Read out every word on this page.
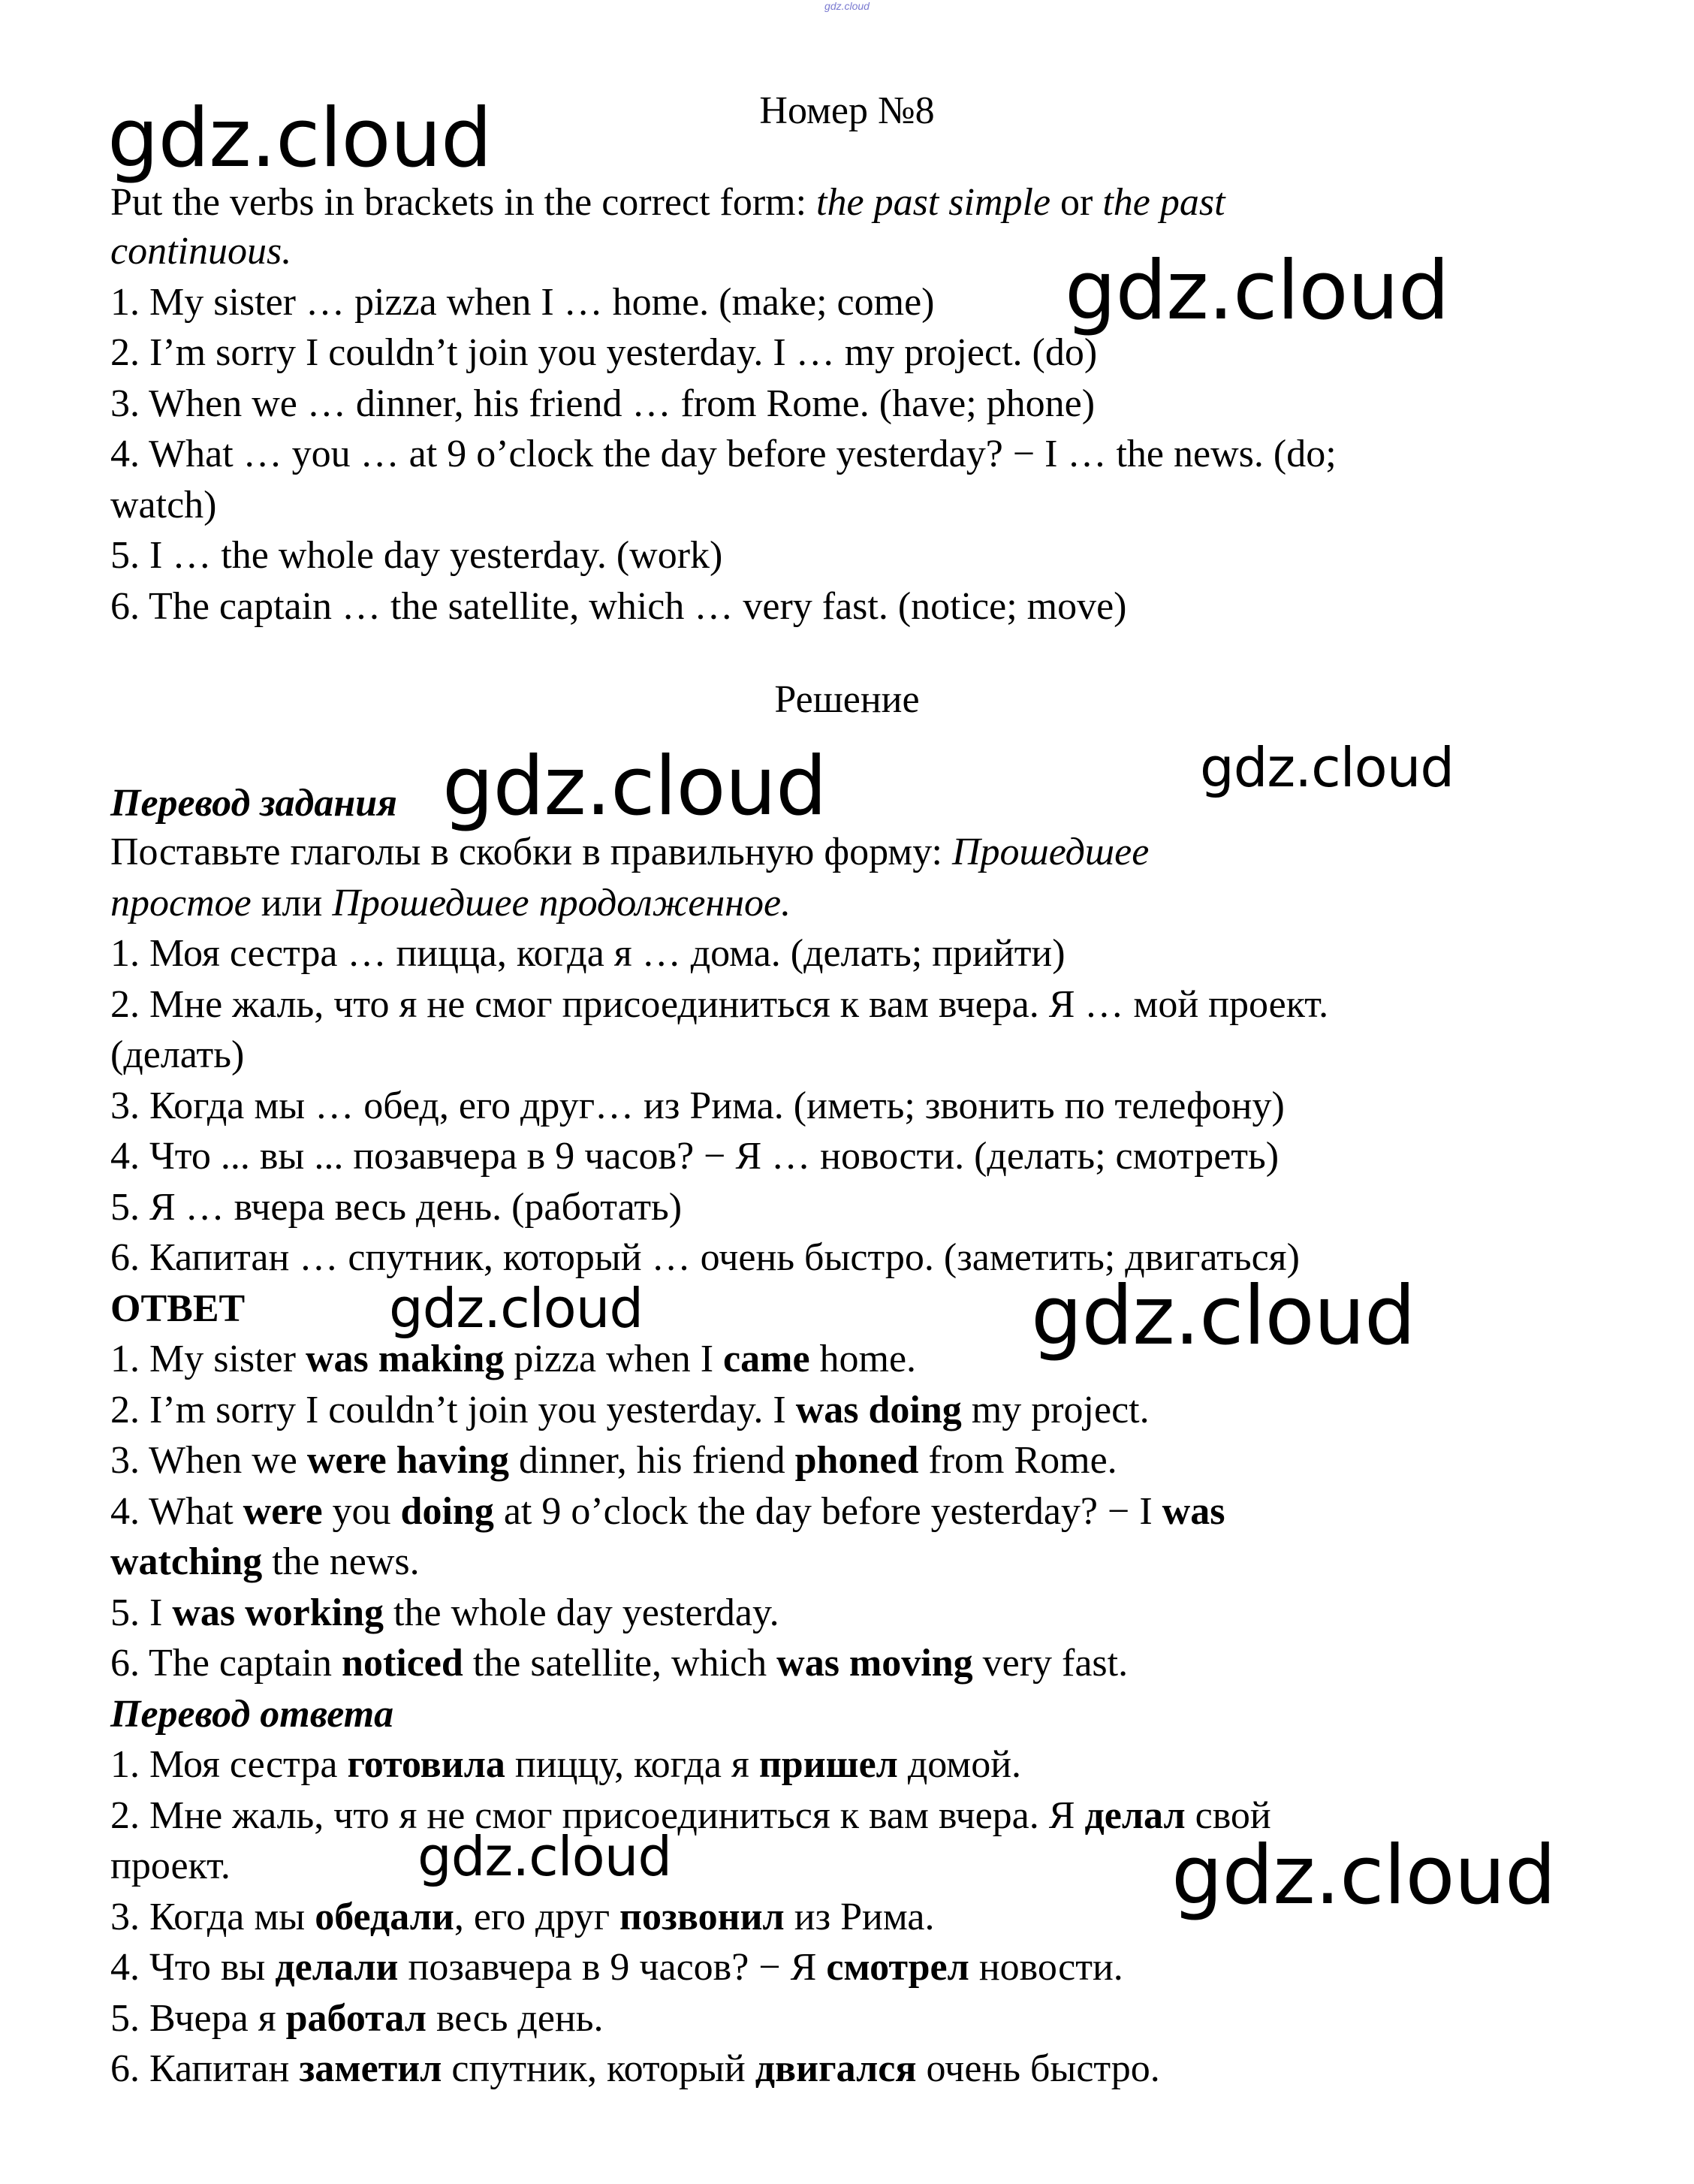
gdz.cloud
gdz.cloud
gdz.cloud
gdz.cloud	gdz.cloud
gdz.cloud	gdz.cloud
gdz.cloud	gdz.cloud
Номер №8
Put the verbs in brackets in the correct form: the past simple or the past
continuous.
1. My sister … pizza when I … home. (make; come)
2. I’m sorry I couldn’t join you yesterday. I … my project. (do)
3. When we … dinner, his friend … from Rome. (have; phone)
4. What … you … at 9 o’clock the day before yesterday? − I … the news. (do;
watch)
5. I … the whole day yesterday. (work)
6. The captain … the satellite, which … very fast. (notice; move)
Решение
Перевод задания
Поставьте глаголы в скобки в правильную форму: Прошедшее
простое или Прошедшее продолженное.
1. Моя сестра … пицца, когда я … дома. (делать; прийти)
2. Мне жаль, что я не смог присоединиться к вам вчера. Я … мой проект.
(делать)
3. Когда мы … обед, его друг… из Рима. (иметь; звонить по телефону)
4. Что ... вы ... позавчера в 9 часов? − Я … новости. (делать; смотреть)
5. Я … вчера весь день. (работать)
6. Капитан … спутник, который … очень быстро. (заметить; двигаться)
ОТВЕТ
1. My sister was making pizza when I came home.
2. I’m sorry I couldn’t join you yesterday. I was doing my project.
3. When we were having dinner, his friend phoned from Rome.
4. What were you doing at 9 o’clock the day before yesterday? − I was
watching the news.
5. I was working the whole day yesterday.
6. The captain noticed the satellite, which was moving very fast.
Перевод ответа
1. Моя сестра готовила пиццу, когда я пришел домой.
2. Мне жаль, что я не смог присоединиться к вам вчера. Я делал свой
проект.
3. Когда мы обедали, его друг позвонил из Рима.
4. Что вы делали позавчера в 9 часов? − Я смотрел новости.
5. Вчера я работал весь день.
6. Капитан заметил спутник, который двигался очень быстро.
